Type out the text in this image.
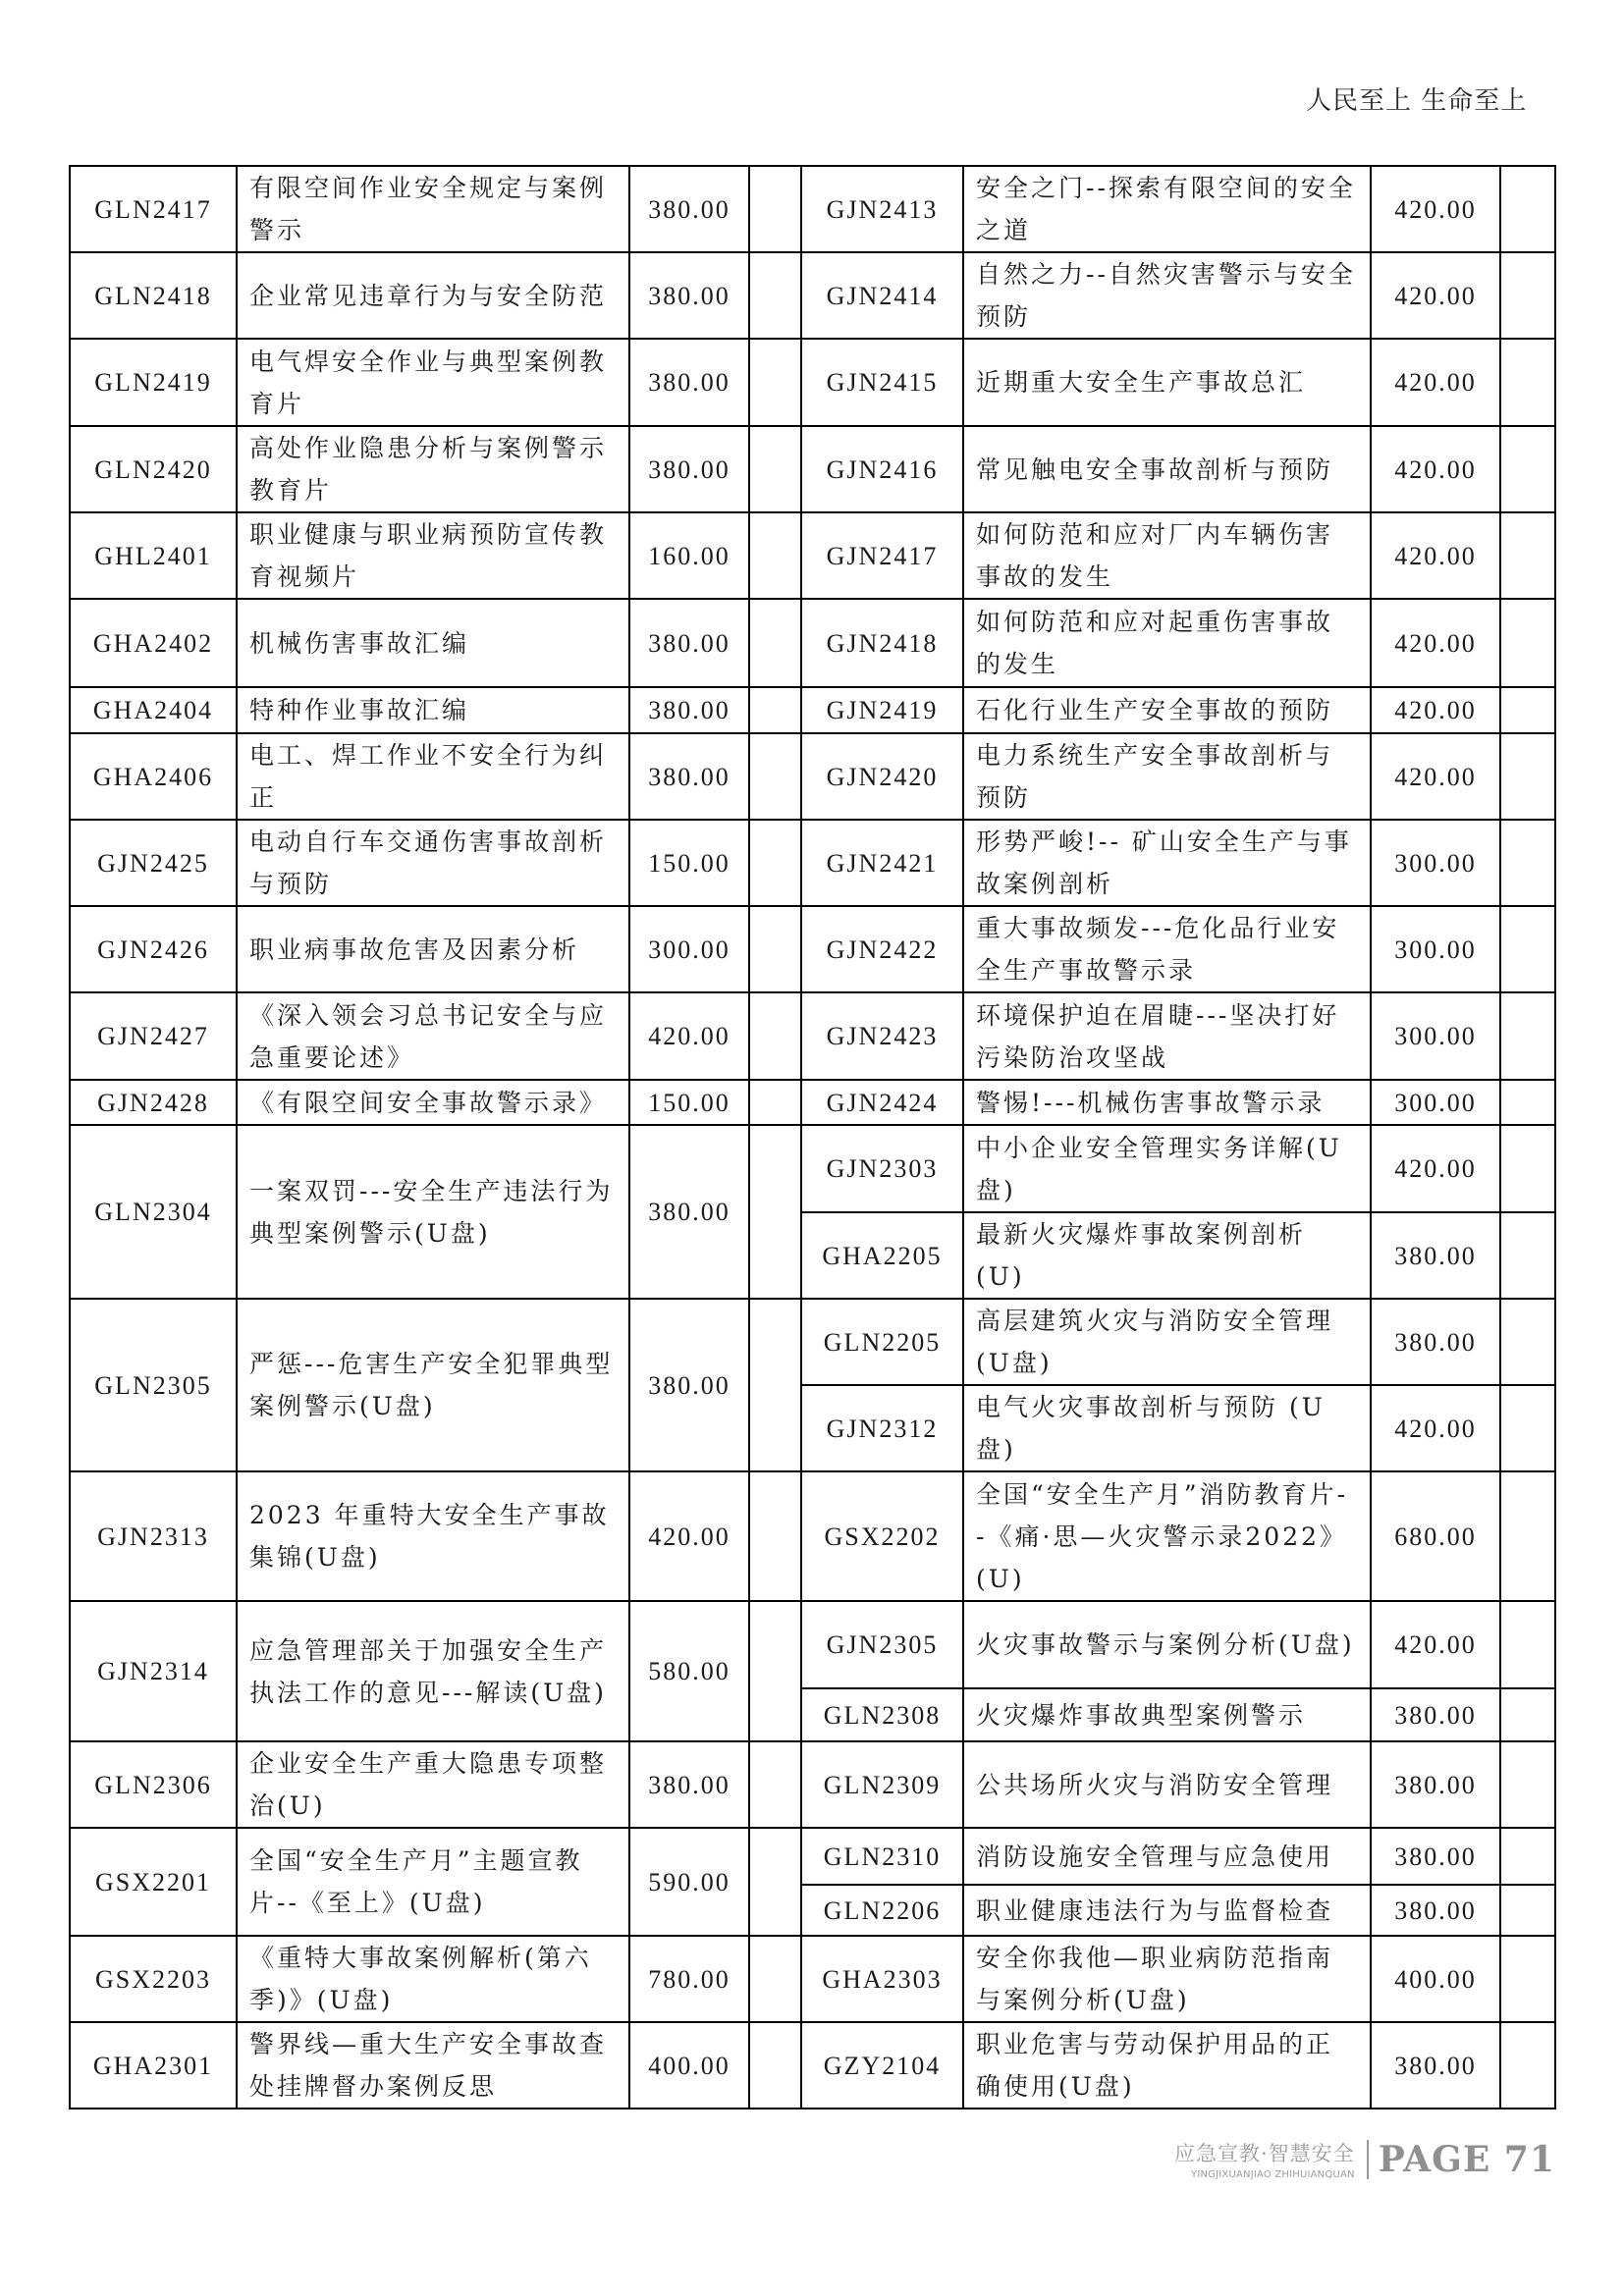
人民至上 生命至上
GLN2417	有限空间作业安全规定与案例警示	380.00		GJN2413	安全之门--探索有限空间的安全之道	420.00	
GLN2418	企业常见违章行为与安全防范	380.00		GJN2414	自然之力--自然灾害警示与安全预防	420.00	
GLN2419	电气焊安全作业与典型案例教育片	380.00		GJN2415	近期重大安全生产事故总汇	420.00	
GLN2420	高处作业隐患分析与案例警示教育片	380.00		GJN2416	常见触电安全事故剖析与预防	420.00	
GHL2401	职业健康与职业病预防宣传教育视频片	160.00		GJN2417	如何防范和应对厂内车辆伤害事故的发生	420.00	
GHA2402	机械伤害事故汇编	380.00		GJN2418	如何防范和应对起重伤害事故的发生	420.00	
GHA2404	特种作业事故汇编	380.00		GJN2419	石化行业生产安全事故的预防	420.00	
GHA2406	电工、焊工作业不安全行为纠正	380.00		GJN2420	电力系统生产安全事故剖析与预防	420.00	
GJN2425	电动自行车交通伤害事故剖析与预防	150.00		GJN2421	形势严峻!-- 矿山安全生产与事故案例剖析	300.00	
GJN2426	职业病事故危害及因素分析	300.00		GJN2422	重大事故频发---危化品行业安全生产事故警示录	300.00	
GJN2427	《深入领会习总书记安全与应急重要论述》	420.00		GJN2423	环境保护迫在眉睫---坚决打好污染防治攻坚战	300.00	
GJN2428	《有限空间安全事故警示录》	150.00		GJN2424	警惕!---机械伤害事故警示录	300.00	
GLN2304	一案双罚---安全生产违法行为典型案例警示(U盘)	380.00		GJN2303	中小企业安全管理实务详解(U盘)	420.00	
				GHA2205	最新火灾爆炸事故案例剖析 (U)	380.00	
GLN2305	严惩---危害生产安全犯罪典型案例警示(U盘)	380.00		GLN2205	高层建筑火灾与消防安全管理 (U盘)	380.00	
				GJN2312	电气火灾事故剖析与预防 (U盘)	420.00	
GJN2313	2023 年重特大安全生产事故集锦(U盘)	420.00		GSX2202	全国“安全生产月”消防教育片--《痛·思—火灾警示录2022》(U)	680.00	
GJN2314	应急管理部关于加强安全生产执法工作的意见---解读(U盘)	580.00		GJN2305	火灾事故警示与案例分析(U盘)	420.00	
				GLN2308	火灾爆炸事故典型案例警示	380.00	
GLN2306	企业安全生产重大隐患专项整治(U)	380.00		GLN2309	公共场所火灾与消防安全管理	380.00	
GSX2201	全国“安全生产月”主题宣教片--《至上》(U盘)	590.00		GLN2310	消防设施安全管理与应急使用	380.00	
				GLN2206	职业健康违法行为与监督检查	380.00	
GSX2203	《重特大事故案例解析(第六季)》(U盘)	780.00		GHA2303	安全你我他—职业病防范指南与案例分析(U盘)	400.00	
GHA2301	警界线—重大生产安全事故查处挂牌督办案例反思	400.00		GZY2104	职业危害与劳动保护用品的正确使用(U盘)	380.00	
应急宣教·智慧安全
YINGJIXUANJIAO ZHIHUIANQUAN PAGE 71
